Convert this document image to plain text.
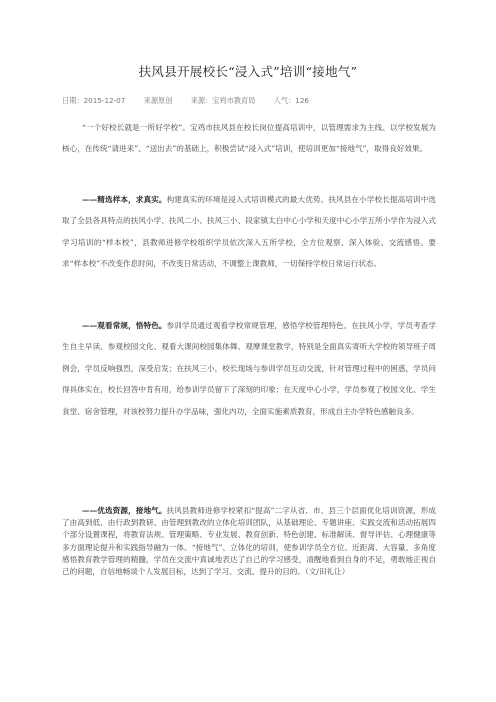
扶风县开展校长“浸入式”培训“接地气”
日期：2015-12-07	来源原创	来源：宝鸡市教育局	人气：126
“一个好校长就是一所好学校”。宝鸡市扶风县在校长岗位提高培训中，以管理需求为主线、以学校发展为核心，在传统“请进来”、“送出去”的基础上，积极尝试“浸入式”培训，使培训更加“接地气”，取得良好效果。
——精选样本，求真实。构建真实的环境是浸入式培训模式的最大优势。扶风县在小学校长提高培训中选取了全县各具特点的扶风小学、扶风二小、扶风三小、段家镇太白中心小学和天度中心小学五所小学作为浸入式学习培训的“样本校”，县教师进修学校组织学员依次深入五所学校，全方位观察、深入体验、交流感悟。要求“样本校”不改变作息时间，不改变日常活动，不调整上课教师，一切保持学校日常运行状态。
——观看常规，悟特色。参训学员通过观看学校常规管理，感悟学校管理特色。在扶风小学，学员考查学生自主早读、参观校园文化、观看大课间校园集体舞、观摩课堂教学，特别是全面真实寄听大学校的领导班子周例会，学员反响强烈，深受启发；在扶风三小，校长现场与参训学员互动交流，针对管理过程中的困惑，学员问得具体实在，校长回答中肯有用，给参训学员留下了深刻的印象；在天度中心小学，学员参观了校园文化、学生食堂、宿舍管理，对该校努力提升办学品味，强化内功，全面实施素质教育，形成自主办学特色感触良多。
——优选资源，接地气。扶风县教师进修学校紧扣“提高”二字从省、市、县三个层面优化培训资源，形成了由高到低、由行政到教研、由管理到教改的立体化培训团队，从基础理论、专题讲座、实践交流和活动拓展四个部分设置课程，将教育法规、管理策略、专业发展、教育创新、特色创建、标准解读、督导评估、心理健康等多方面理论提升和实践指导融为一体。“接地气”、立体化的培训，使参训学员全方位、近距离、大容量、多角度感悟教育教学管理的精髓，学员在交流中真诚地表达了自己的学习感受，清醒地看到自身的不足，勇敢地正视自己的问题，自信地畅谈个人发展目标，达到了学习、交流、提升的目的。（文/田礼让）
